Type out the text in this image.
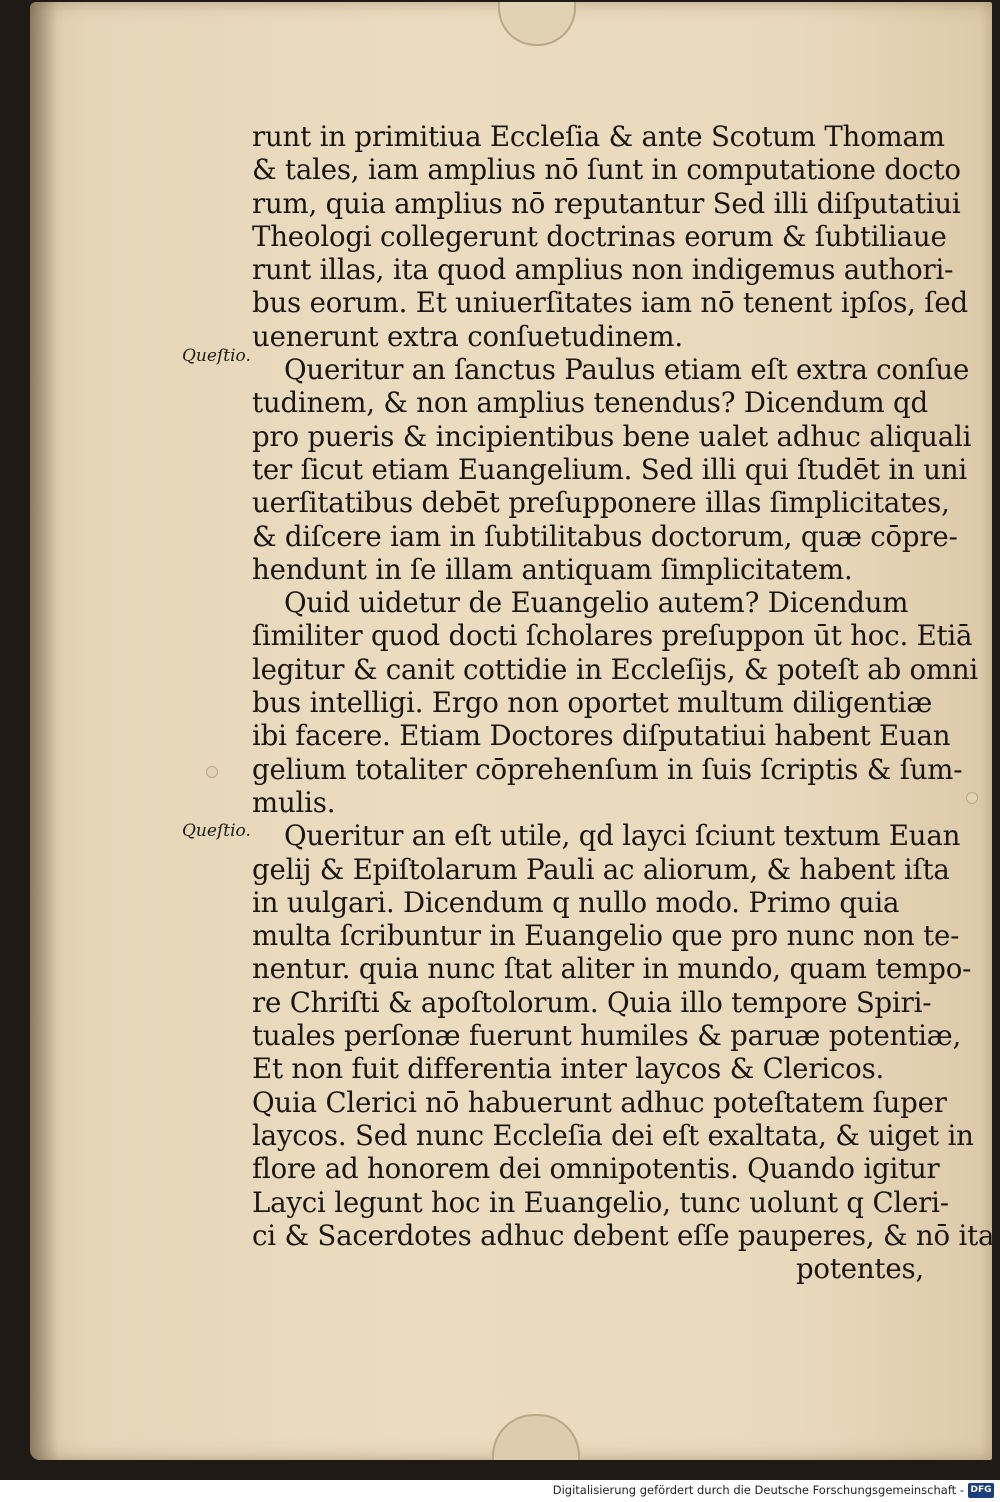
Queſtio.
Queſtio.
runt in primitiua Eccleſia & ante Scotum Thomam
& tales, iam amplius nō ſunt in computatione docto
rum, quia amplius nō reputantur Sed illi diſputatiui
Theologi collegerunt doctrinas eorum & ſubtiliaue
runt illas, ita quod amplius non indigemus authori-
bus eorum. Et uniuerſitates iam nō tenent ipſos, ſed
uenerunt extra conſuetudinem.
Queritur an ſanctus Paulus etiam eſt extra conſue
tudinem, & non amplius tenendus? Dicendum qd
pro pueris & incipientibus bene ualet adhuc aliquali
ter ſicut etiam Euangelium. Sed illi qui ſtudēt in uni
uerſitatibus debēt preſupponere illas ſimplicitates,
& diſcere iam in ſubtilitabus doctorum, quæ cōpre-
hendunt in ſe illam antiquam ſimplicitatem.
Quid uidetur de Euangelio autem? Dicendum
ſimiliter quod docti ſcholares preſuppon ūt hoc. Etiā
legitur & canit cottidie in Eccleſijs, & poteſt ab omni
bus intelligi. Ergo non oportet multum diligentiæ
ibi facere. Etiam Doctores diſputatiui habent Euan
gelium totaliter cōprehenſum in ſuis ſcriptis & ſum-
mulis.
Queritur an eſt utile, qd layci ſciunt textum Euan
gelij & Epiſtolarum Pauli ac aliorum, & habent iſta
in uulgari. Dicendum q nullo modo. Primo quia
multa ſcribuntur in Euangelio que pro nunc non te-
nentur. quia nunc ſtat aliter in mundo, quam tempo-
re Chriſti & apoſtolorum. Quia illo tempore Spiri-
tuales perſonæ fuerunt humiles & paruæ potentiæ,
Et non fuit differentia inter laycos & Clericos.
Quia Clerici nō habuerunt adhuc poteſtatem ſuper
laycos. Sed nunc Eccleſia dei eſt exaltata, & uiget in
flore ad honorem dei omnipotentis. Quando igitur
Layci legunt hoc in Euangelio, tunc uolunt q Cleri-
ci & Sacerdotes adhuc debent eſſe pauperes, & nō ita
potentes,
Digitalisierung gefördert durch die Deutsche Forschungsgemeinschaft - DFG
